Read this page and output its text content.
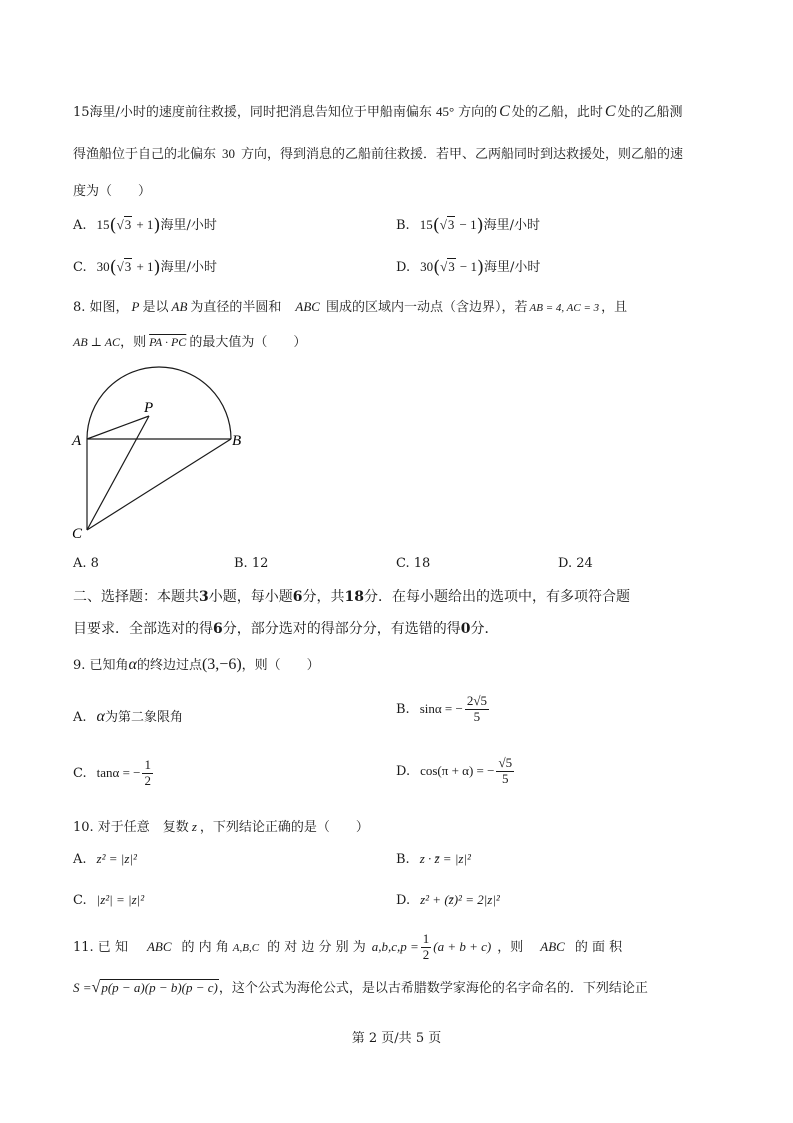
15海里/小时的速度前往救援，同时把消息告知位于甲船南偏东 45° 方向的 C 处的乙船，此时 C 处的乙船测
得渔船位于自己的北偏东 30 方向，得到消息的乙船前往救援．若甲、乙两船同时到达救援处，则乙船的速
度为（　　）
A. 15(√3 + 1)海里/小时	B. 15(√3 − 1)海里/小时
C. 30(√3 + 1)海里/小时	D. 30(√3 − 1)海里/小时
8. 如图， P 是以 AB 为直径的半圆和 ABC 围成的区域内一动点（含边界），若 AB = 4, AC = 3 ，且
AB ⊥ AC，则 PA · PC 的最大值为（　　）
A	B
C
P
A. 8	B. 12	C. 18	D. 24
二、选择题：本题共3小题，每小题6分，共18分．在每小题给出的选项中，有多项符合题
目要求．全部选对的得6分，部分选对的得部分分，有选错的得0分．
9. 已知角α的终边过点(3,−6)，则（　　）
A. α为第二象限角
B. sinα = − $\frac{2√5}{5}$
C. tanα = − $\frac{1}{2}$	D. cos(π + α) = − $\frac{√5}{5}$
10. 对于任意　复数 z ，下列结论正确的是（　　）
A. z² = |z|²	B. z · z̄ = |z|²
C. |z²| = |z|²	D. z² + (z̄)² = 2|z|²
11. 已 知　ABC 的 内 角 A,B,C 的 对 边 分 别 为 $a,b,c,p = \frac{1}{2} (a + b + c)$ ，则　ABC 的 面 积
S =√p(p − a)(p − b)(p − c)，这个公式为海伦公式，是以古希腊数学家海伦的名字命名的．下列结论正
第 2 页/共 5 页
